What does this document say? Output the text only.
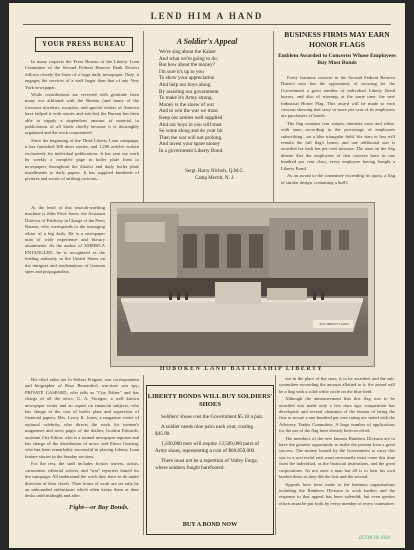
LEND HIM A HAND
YOUR PRESS BUREAU

In many respects the Press Bureau of the Liberty Loan Committee of the Second Federal Reserve Bank District follows closely the lines of a large daily newspaper. Only, it engages the services of a staff larger than that of any New York newspaper.

While contributions are received with gratitude from many not affiliated with the Bureau (and many of the foremost novelists, essayists, and special writers of America have helped it with stories and articles) the Bureau has been able to supply a stupendous amount of material to publications of all kinds chiefly because it is thoroughly organized and the work commenced.

Since the beginning of the Third Liberty Loan campaign, it has furnished 300 news stories, and 1,200 articles written exclusively for individual publications. It has sent out work by weekly a complete page in boiler plate form to newspapers throughout the district and daily boiler plate installments to daily papers. It has supplied hundreds of pictures and scores of striking cartoons.

At the head of this smooth-working machine is John Price Jones, the Assistant Director of Publicity in Charge of the Press Bureau, who corresponds to the managing editor of a big daily. He is a newspaper man of wide experience and literary attainments. As the author of AMERICA ENTANGLED, he is recognized as the leading authority in the United States on the intrigues and machinations of German spies and propagandists.

His chief aides are Jo Seltzer Fraguer, war correspondent and biographer of Rose Bernardin's war-time war spy; PRIVATE GASPARD, who tells as "City Editor" and has charge of all the news; G. A. Voorgee, a well known newspaper writer and an expert on financial subjects, who has charge of the cost of boiler plate and supervisor of financial papers; Mrs. Leroy K. Jones, a magazine writer of national celebrity, who directs the work for women's magazines and news pages of the dailies; Gordon Edwards, assistant City Editor, who is a trained newspaper reporter and has charge of the distribution of news; and Elmer Gearing, who has been remarkably successful in placing Liberty Loan feature stories in the Sunday sections.

For the rest, the staff includes fiction writers, artists, cartoonists, editorial writers, and "star" reporters famed for the campaign. All understand the work they have to do under direction of their chiefs. Their hours of work are set only by an unbounded enthusiasm which often keeps them at their desks until midnight and after.

Fight—or Buy Bonds.
A Soldier's Appeal
We're sing about the Kaiser
And what we're going to do;
But how about the money?
I'm sure it's up to you
To show your appreciation
And help our boys along
By assisting our government
To make it's Army strong.
Money is the sinew of war
And to win the war we must
Keep our armies well supplied
And our boys in you will trust
So come along and do your bit
Then the war will not prolong,
And invest your spare money
In a government Liberty Bond.
Sergt. Harry Nichols, Q.M.C.
Camp Merritt, N. J.
BUSINESS FIRMS MAY EARN HONOR FLAGS
Emblem Awarded to Concerns Whose Employees Buy Most Bonds

Every business concern in the Second Federal Reserve District now has the opportunity of securing for the Government a great number of individual Liberty Bond buyers, and also of winning, at the same time, the new Industrial Honor Flag. This award will be made to each concern showing that sixty or more per cent of its employees are purchasers of bonds.

The flag contains four stripes, alternate navy and white, with stars—according to the percentage of employees subscribing—on a blue triangular field. Six stars or less will remain the full flag's honor, and one additional star is awarded for each ten per cent increase. The stars on the flag denote that the employees of that concern have in one hundred per cent class, every employee having bought a Liberty Bond.

As an award to the committee exceeding its quota, a flag of similar design, containing a bull's

eye in the place of the stars, is to be awarded, and the sub-committee exceeding the amount allotted to it, the award will be a flag with a solid white circle on the blue field.

Although the announcement that this flag was to be awarded was made only a few days ago, competition has developed, and several chairmen of the bureau of being the first to secure a one hundred per cent rating are stated with the Advisory Trades Committee. A large number of applications for the use of the flag have already been received.

The members of the new famous Rainbow Division are to have the greatest opportunity to make the present loan a great success. The money loaned by the Government to carry this war to a successful end, must necessarily must come this time from the individual, as the financial institutions, and the great corporations. As not once a man but all is to bear his own burden these as they did the first and the second.

Appeals have been made to the business organizations including the Rainbow Division to work harder; and the response to that appeal has been splendid; but even greater efforts must be put forth by every member of every committee.

3rd LIBERTY LOAN
HOBOKEN LAND BATTLESHIP LIBERTY
LIBERTY BONDS WILL BUY SOLDIERS' SHOES

Soldiers' shoes cost the Government $5.10 a pair.

A soldier needs nine pairs each year, costing $45.90.

1,500,000 men will require 13,500,000 pairs of Army shoes, representing a cost of $68,850,000.

There must not be a repetition of Valley Forge, where soldiers fought barefooted.

BUY A BOND NOW
ECON 18 1920
